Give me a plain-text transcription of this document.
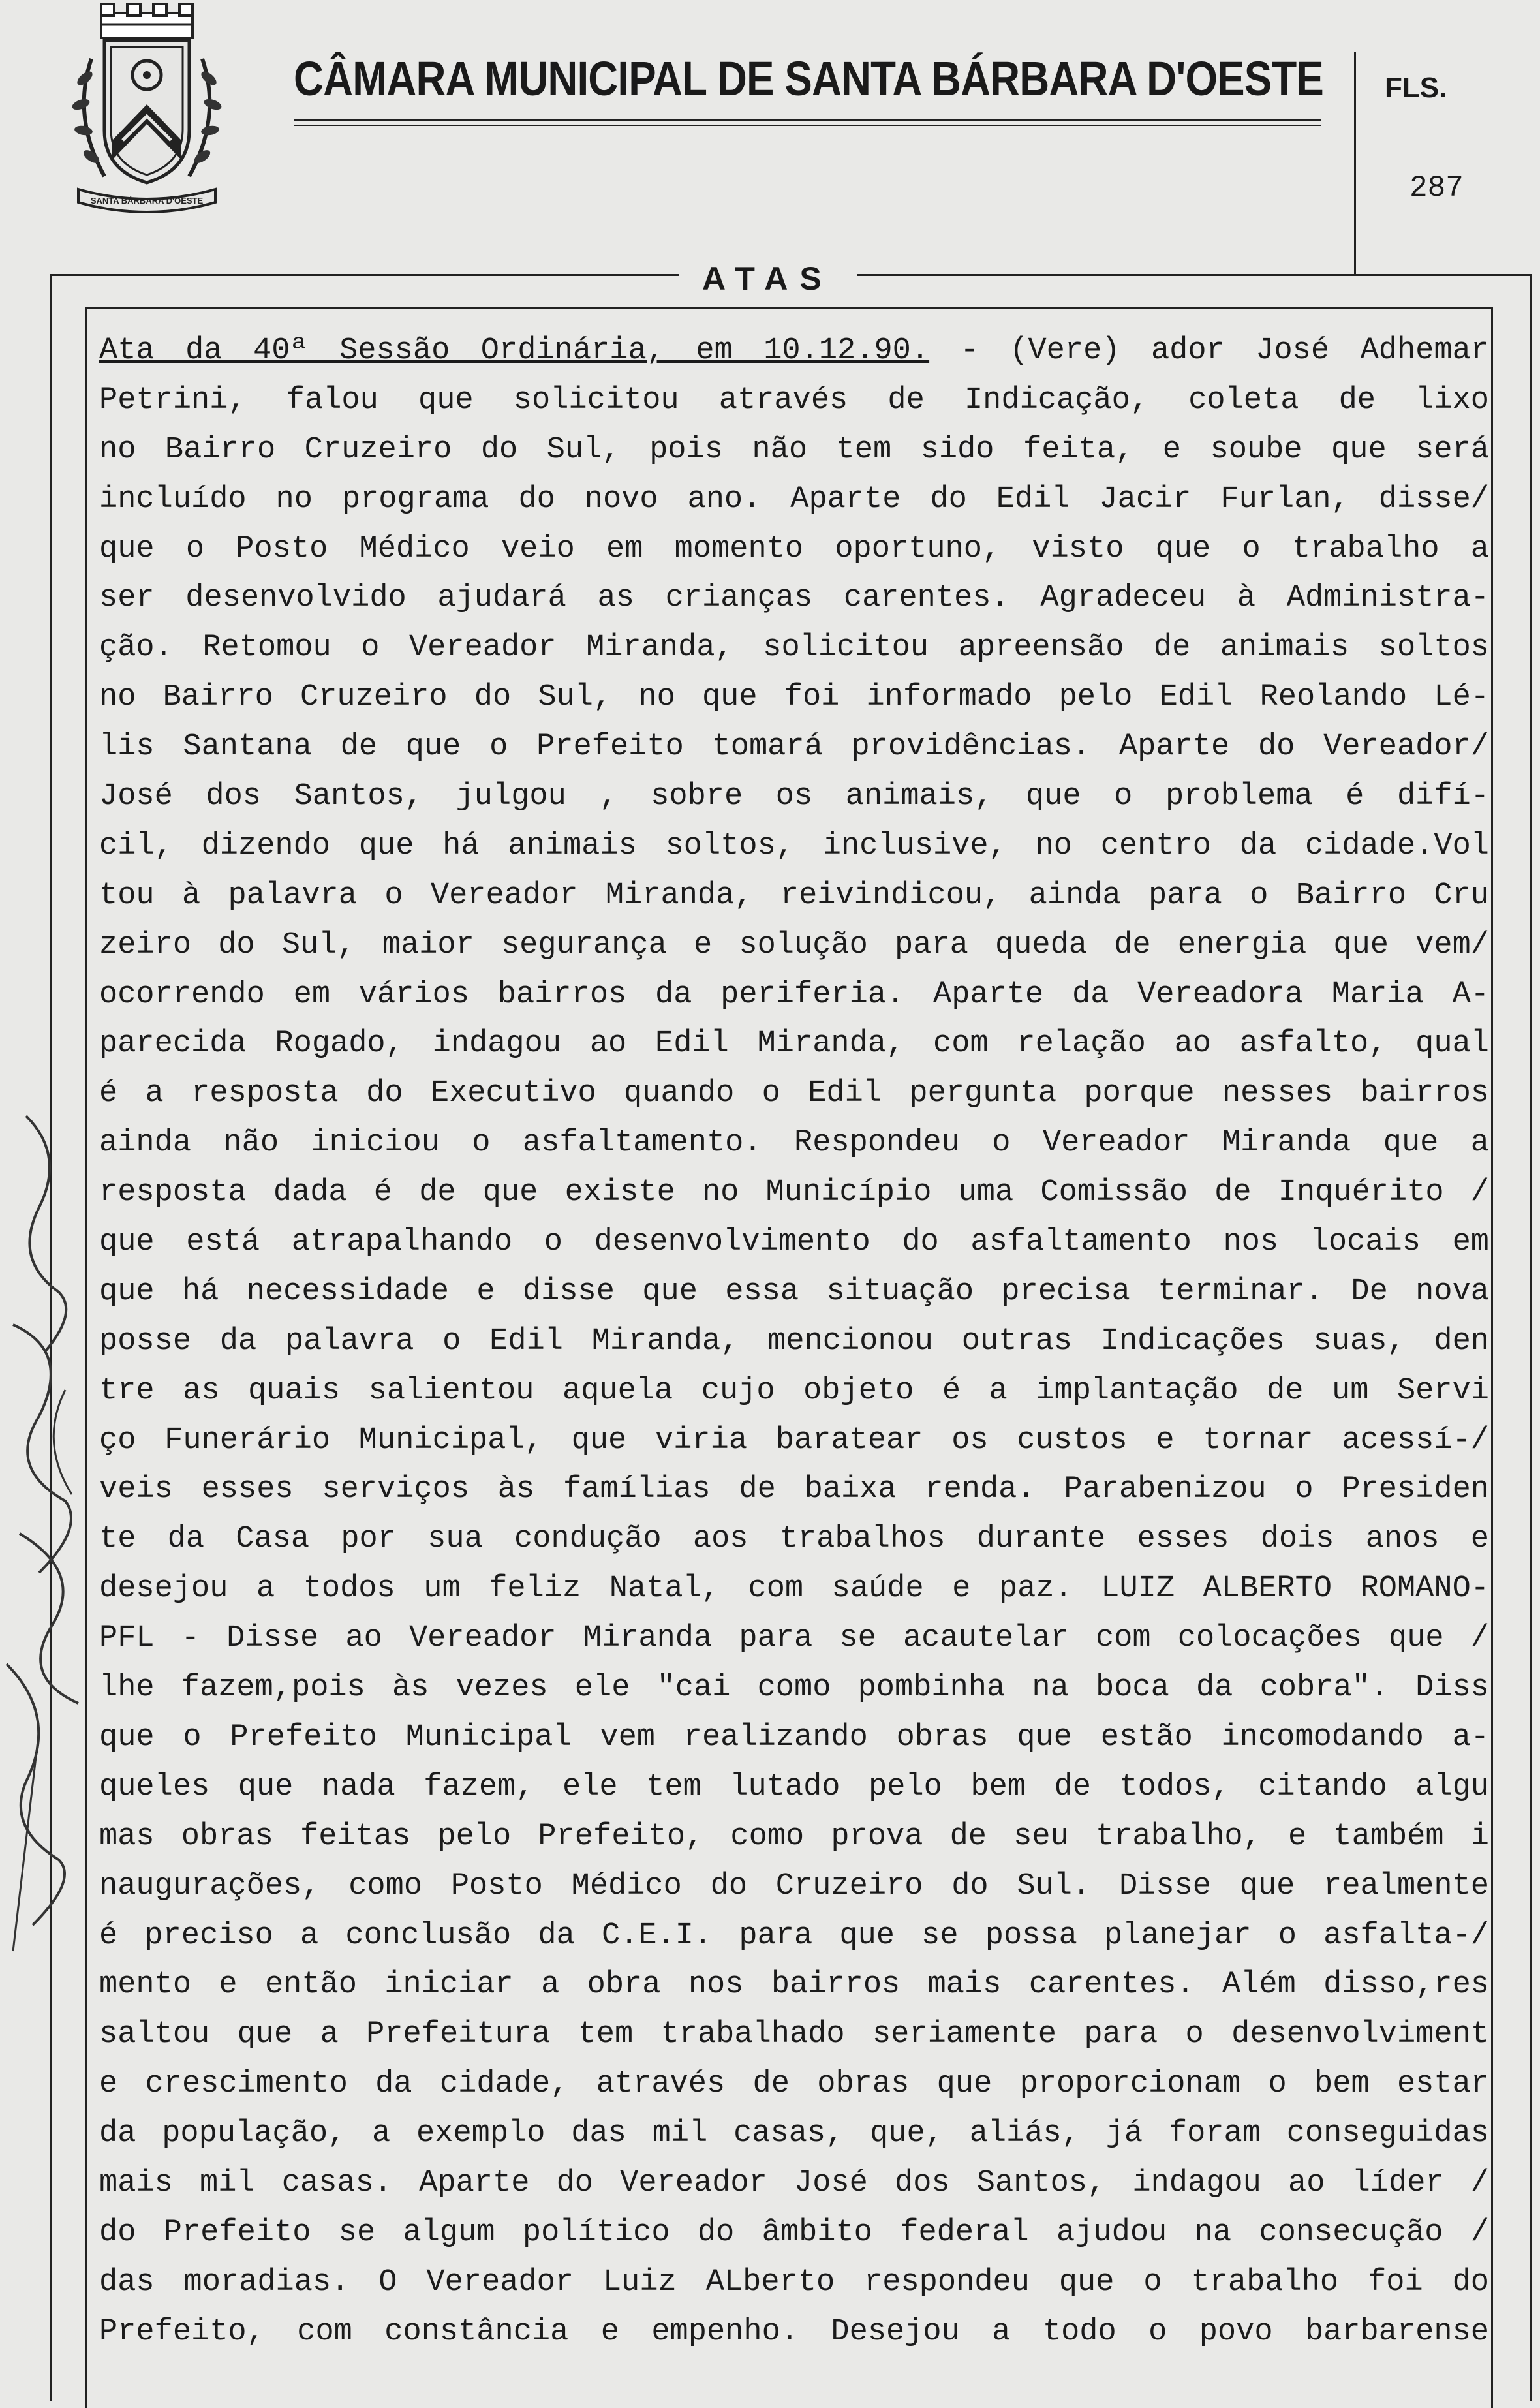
SANTA BÁRBARA D'OESTE
CÂMARA MUNICIPAL DE SANTA BÁRBARA D'OESTE FLS.
287
ATAS
Ata da 40ª Sessão Ordinária, em 10.12.90. - (Vere) ador José Adhemar
Petrini, falou que solicitou através de Indicação, coleta de lixo
no Bairro Cruzeiro do Sul, pois não tem sido feita, e soube que será
incluído no programa do novo ano. Aparte do Edil Jacir Furlan, disse/
que o Posto Médico veio em momento oportuno, visto que o trabalho a
ser desenvolvido ajudará as crianças carentes. Agradeceu à Administra-
ção. Retomou o Vereador Miranda, solicitou apreensão de animais soltos
no Bairro Cruzeiro do Sul, no que foi informado pelo Edil Reolando Lé-
lis Santana de que o Prefeito tomará providências. Aparte do Vereador/
José dos Santos, julgou , sobre os animais, que o problema é difí-
cil, dizendo que há animais soltos, inclusive, no centro da cidade.Vol
tou à palavra o Vereador Miranda, reivindicou, ainda para o Bairro Cru
zeiro do Sul, maior segurança e solução para queda de energia que vem/
ocorrendo em vários bairros da periferia. Aparte da Vereadora Maria A-
parecida Rogado, indagou ao Edil Miranda, com relação ao asfalto, qual
é a resposta do Executivo quando o Edil pergunta porque nesses bairros
ainda não iniciou o asfaltamento. Respondeu o Vereador Miranda que a
resposta dada é de que existe no Município uma Comissão de Inquérito /
que está atrapalhando o desenvolvimento do asfaltamento nos locais em
que há necessidade e disse que essa situação precisa terminar. De nova
posse da palavra o Edil Miranda, mencionou outras Indicações suas, den
tre as quais salientou aquela cujo objeto é a implantação de um Servi
ço Funerário Municipal, que viria baratear os custos e tornar acessí-/
veis esses serviços às famílias de baixa renda. Parabenizou o Presiden
te da Casa por sua condução aos trabalhos durante esses dois anos e
desejou a todos um feliz Natal, com saúde e paz. LUIZ ALBERTO ROMANO-
PFL - Disse ao Vereador Miranda para se acautelar com colocações que /
lhe fazem,pois às vezes ele "cai como pombinha na boca da cobra". Diss
que o Prefeito Municipal vem realizando obras que estão incomodando a-
queles que nada fazem, ele tem lutado pelo bem de todos, citando algu
mas obras feitas pelo Prefeito, como prova de seu trabalho, e também i
naugurações, como Posto Médico do Cruzeiro do Sul. Disse que realmente
é preciso a conclusão da C.E.I. para que se possa planejar o asfalta-/
mento e então iniciar a obra nos bairros mais carentes. Além disso,res
saltou que a Prefeitura tem trabalhado seriamente para o desenvolviment
e crescimento da cidade, através de obras que proporcionam o bem estar
da população, a exemplo das mil casas, que, aliás, já foram conseguidas
mais mil casas. Aparte do Vereador José dos Santos, indagou ao líder /
do Prefeito se algum político do âmbito federal ajudou na consecução /
das moradias. O Vereador Luiz ALberto respondeu que o trabalho foi do
Prefeito, com constância e empenho. Desejou a todo o povo barbarense
